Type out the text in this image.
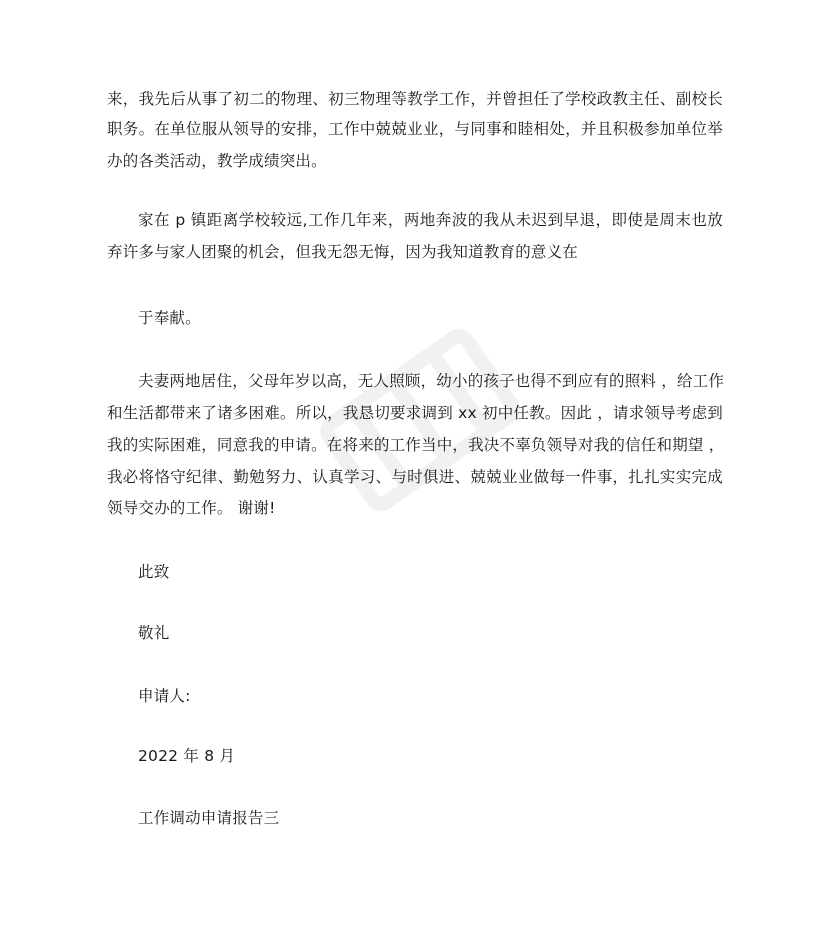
来，我先后从事了初二的物理、初三物理等教学工作，并曾担任了学校政教主任、副校长
职务。在单位服从领导的安排，工作中兢兢业业，与同事和睦相处，并且积极参加单位举
办的各类活动，教学成绩突出。
家在 p 镇距离学校较远,工作几年来，两地奔波的我从未迟到早退，即使是周末也放
弃许多与家人团聚的机会，但我无怨无悔，因为我知道教育的意义在
于奉献。
夫妻两地居住，父母年岁以高，无人照顾，幼小的孩子也得不到应有的照料 ，给工作
和生活都带来了诸多困难。所以，我恳切要求调到 xx 初中任教。因此 ，请求领导考虑到
我的实际困难，同意我的申请。在将来的工作当中，我决不辜负领导对我的信任和期望 ，
我必将恪守纪律、勤勉努力、认真学习、与时俱进、兢兢业业做每一件事，扎扎实实完成
领导交办的工作。 谢谢!
此致
敬礼
申请人:
2022 年 8 月
工作调动申请报告三
